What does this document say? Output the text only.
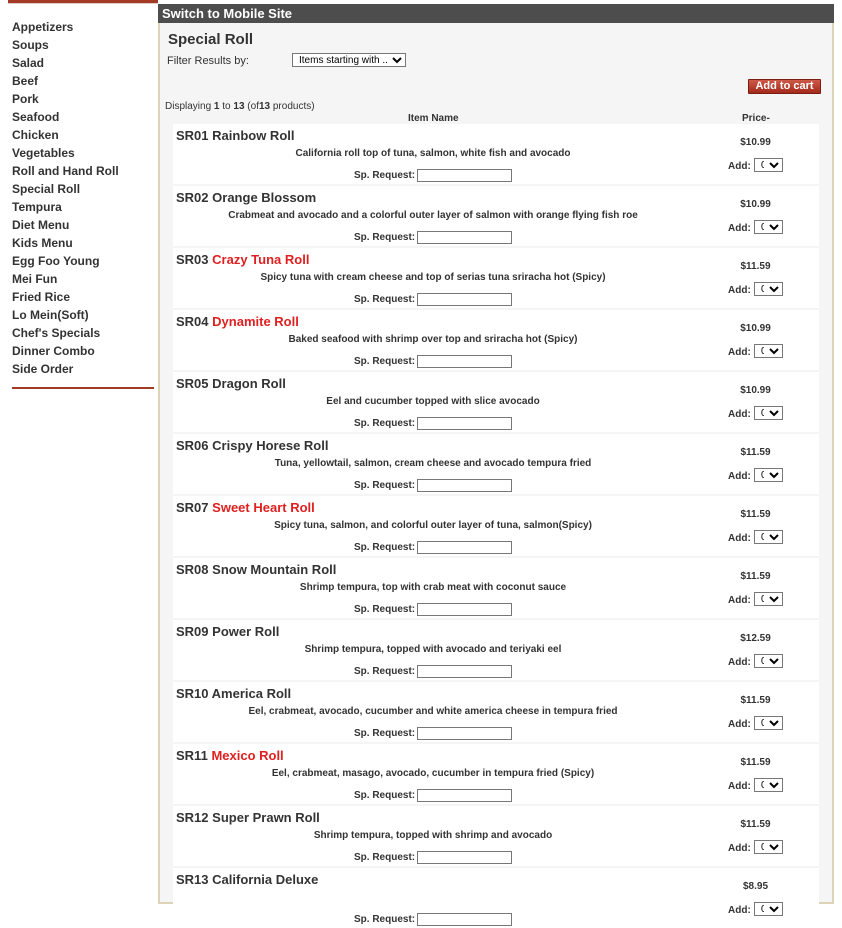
Appetizers
Soups
Salad
Beef
Pork
Seafood
Chicken
Vegetables
Roll and Hand Roll
Special Roll
Tempura
Diet Menu
Kids Menu
Egg Foo Young
Mei Fun
Fried Rice
Lo Mein(Soft)
Chef's Specials
Dinner Combo
Side Order
Switch to Mobile Site
Special Roll
Filter Results by:
Items starting with ...
Add to cart
Displaying 1 to 13 (of13 products)
Item Name	Price-
SR01 Rainbow Roll
California roll top of tuna, salmon, white fish and avocado
Sp. Request:
$10.99
Add:
0
SR02 Orange Blossom
Crabmeat and avocado and a colorful outer layer of salmon with orange flying fish roe
Sp. Request:
$10.99
Add:
0
SR03 Crazy Tuna Roll
Spicy tuna with cream cheese and top of serias tuna sriracha hot (Spicy)
Sp. Request:
$11.59
Add:
0
SR04 Dynamite Roll
Baked seafood with shrimp over top and sriracha hot (Spicy)
Sp. Request:
$10.99
Add:
0
SR05 Dragon Roll
Eel and cucumber topped with slice avocado
Sp. Request:
$10.99
Add:
0
SR06 Crispy Horese Roll
Tuna, yellowtail, salmon, cream cheese and avocado tempura fried
Sp. Request:
$11.59
Add:
0
SR07 Sweet Heart Roll
Spicy tuna, salmon, and colorful outer layer of tuna, salmon(Spicy)
Sp. Request:
$11.59
Add:
0
SR08 Snow Mountain Roll
Shrimp tempura, top with crab meat with coconut sauce
Sp. Request:
$11.59
Add:
0
SR09 Power Roll
Shrimp tempura, topped with avocado and teriyaki eel
Sp. Request:
$12.59
Add:
0
SR10 America Roll
Eel, crabmeat, avocado, cucumber and white america cheese in tempura fried
Sp. Request:
$11.59
Add:
0
SR11 Mexico Roll
Eel, crabmeat, masago, avocado, cucumber in tempura fried (Spicy)
Sp. Request:
$11.59
Add:
0
SR12 Super Prawn Roll
Shrimp tempura, topped with shrimp and avocado
Sp. Request:
$11.59
Add:
0
SR13 California Deluxe
Sp. Request:
$8.95
Add:
0
